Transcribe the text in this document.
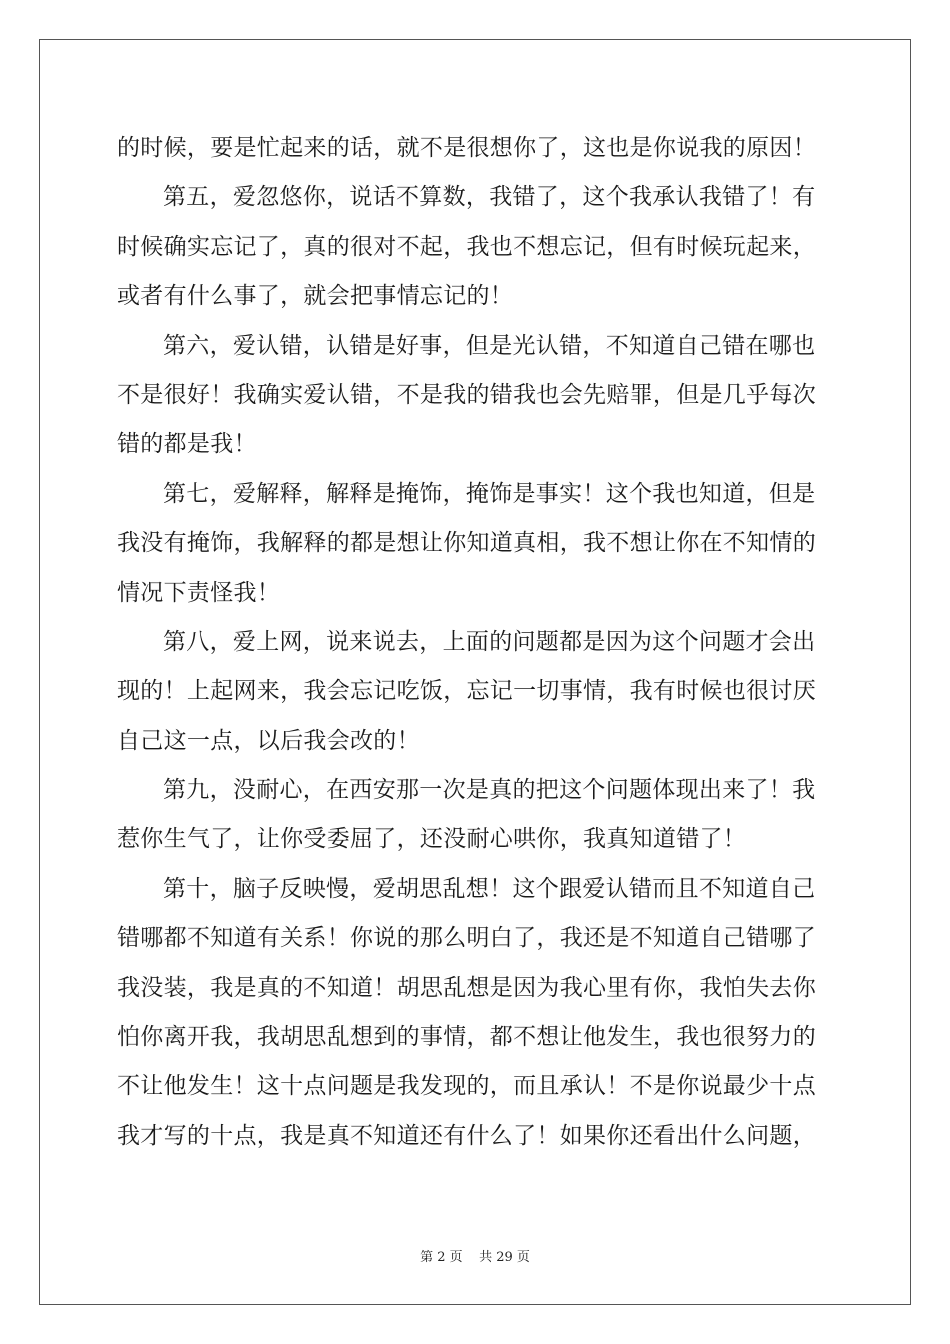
的时候，要是忙起来的话，就不是很想你了，这也是你说我的原因！
第五，爱忽悠你，说话不算数，我错了，这个我承认我错了！有
时候确实忘记了，真的很对不起，我也不想忘记，但有时候玩起来，
或者有什么事了，就会把事情忘记的！
第六，爱认错，认错是好事，但是光认错，不知道自己错在哪也
不是很好！我确实爱认错，不是我的错我也会先赔罪，但是几乎每次
错的都是我！
第七，爱解释，解释是掩饰，掩饰是事实！这个我也知道，但是
我没有掩饰，我解释的都是想让你知道真相，我不想让你在不知情的
情况下责怪我！
第八，爱上网，说来说去，上面的问题都是因为这个问题才会出
现的！上起网来，我会忘记吃饭，忘记一切事情，我有时候也很讨厌
自己这一点，以后我会改的！
第九，没耐心，在西安那一次是真的把这个问题体现出来了！我
惹你生气了，让你受委屈了，还没耐心哄你，我真知道错了！
第十，脑子反映慢，爱胡思乱想！这个跟爱认错而且不知道自己
错哪都不知道有关系！你说的那么明白了，我还是不知道自己错哪了
我没装，我是真的不知道！胡思乱想是因为我心里有你，我怕失去你
怕你离开我，我胡思乱想到的事情，都不想让他发生，我也很努力的
不让他发生！这十点问题是我发现的，而且承认！不是你说最少十点
我才写的十点，我是真不知道还有什么了！如果你还看出什么问题，
第 2 页    共 29 页
